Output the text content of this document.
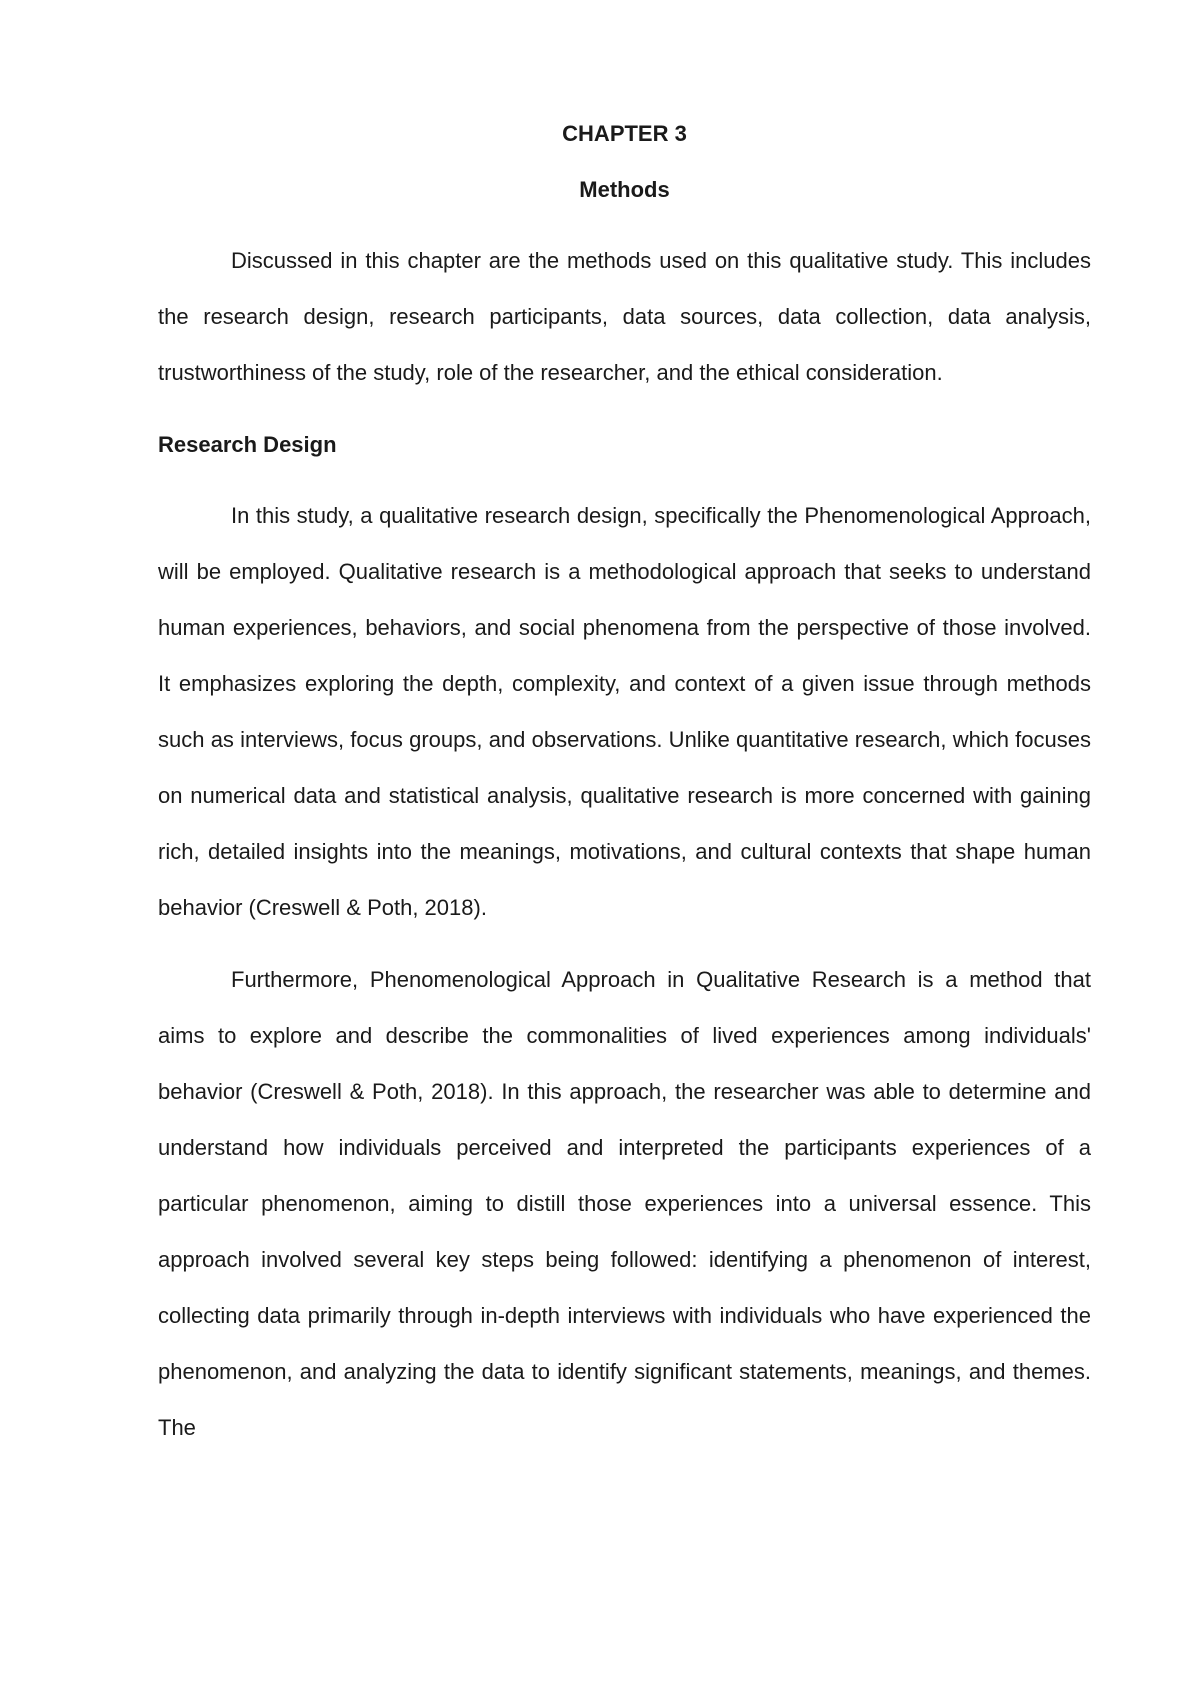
CHAPTER 3

Methods

Discussed in this chapter are the methods used on this qualitative study. This includes the research design, research participants, data sources, data collection, data analysis, trustworthiness of the study, role of the researcher, and the ethical consideration.

Research Design

In this study, a qualitative research design, specifically the Phenomenological Approach, will be employed. Qualitative research is a methodological approach that seeks to understand human experiences, behaviors, and social phenomena from the perspective of those involved. It emphasizes exploring the depth, complexity, and context of a given issue through methods such as interviews, focus groups, and observations. Unlike quantitative research, which focuses on numerical data and statistical analysis, qualitative research is more concerned with gaining rich, detailed insights into the meanings, motivations, and cultural contexts that shape human behavior (Creswell & Poth, 2018).

Furthermore, Phenomenological Approach in Qualitative Research is a method that aims to explore and describe the commonalities of lived experiences among individuals' behavior (Creswell & Poth, 2018). In this approach, the researcher was able to determine and understand how individuals perceived and interpreted the participants experiences of a particular phenomenon, aiming to distill those experiences into a universal essence. This approach involved several key steps being followed: identifying a phenomenon of interest, collecting data primarily through in-depth interviews with individuals who have experienced the phenomenon, and analyzing the data to identify significant statements, meanings, and themes. The
